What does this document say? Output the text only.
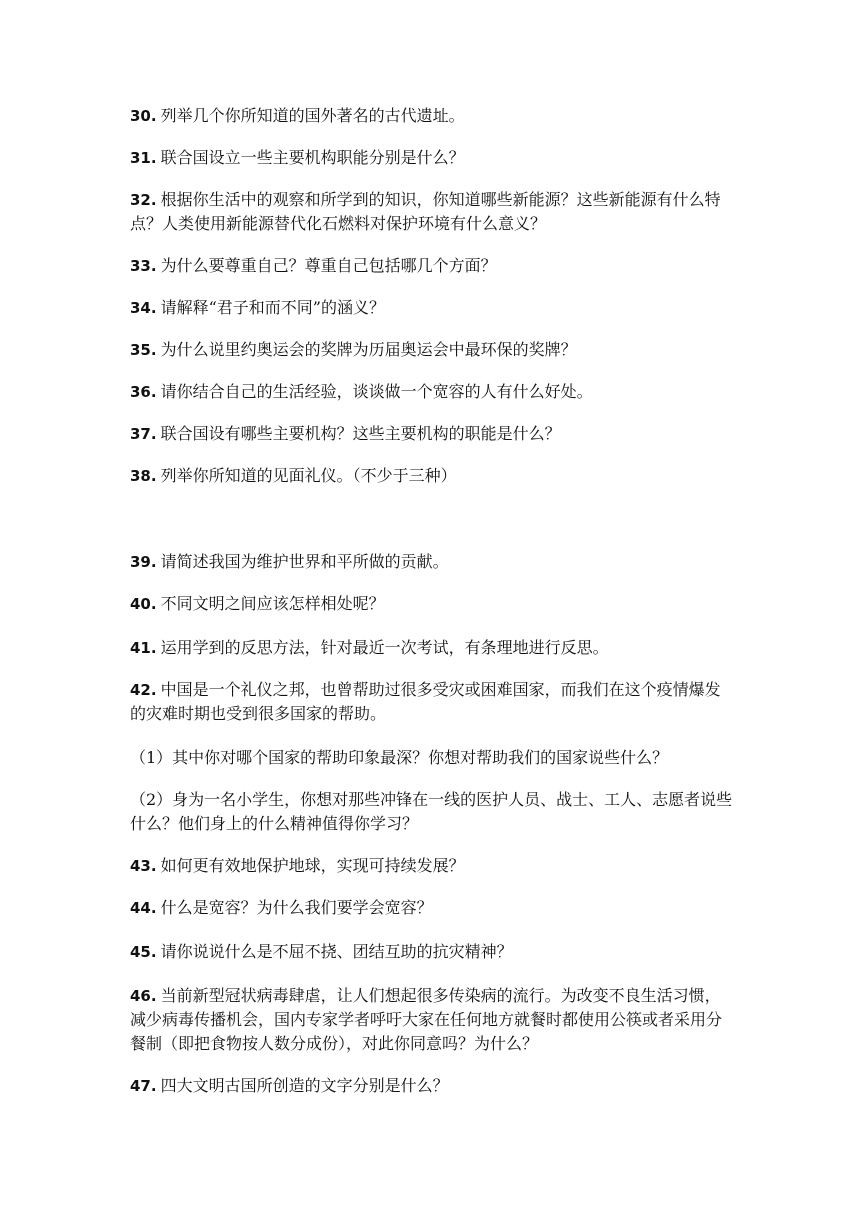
30. 列举几个你所知道的国外著名的古代遗址。

31. 联合国设立一些主要机构职能分别是什么？

32. 根据你生活中的观察和所学到的知识，你知道哪些新能源？这些新能源有什么特点？人类使用新能源替代化石燃料对保护环境有什么意义？

33. 为什么要尊重自己？尊重自己包括哪几个方面？

34. 请解释“君子和而不同”的涵义？

35. 为什么说里约奥运会的奖牌为历届奥运会中最环保的奖牌？

36. 请你结合自己的生活经验，谈谈做一个宽容的人有什么好处。

37. 联合国设有哪些主要机构？这些主要机构的职能是什么？

38. 列举你所知道的见面礼仪。（不少于三种）

39. 请简述我国为维护世界和平所做的贡献。

40. 不同文明之间应该怎样相处呢？

41. 运用学到的反思方法，针对最近一次考试，有条理地进行反思。

42. 中国是一个礼仪之邦，也曾帮助过很多受灾或困难国家，而我们在这个疫情爆发的灾难时期也受到很多国家的帮助。

（1）其中你对哪个国家的帮助印象最深？你想对帮助我们的国家说些什么？

（2）身为一名小学生，你想对那些冲锋在一线的医护人员、战士、工人、志愿者说些什么？他们身上的什么精神值得你学习？

43. 如何更有效地保护地球，实现可持续发展？

44. 什么是宽容？为什么我们要学会宽容？

45. 请你说说什么是不屈不挠、团结互助的抗灾精神？

46. 当前新型冠状病毒肆虐，让人们想起很多传染病的流行。为改变不良生活习惯，减少病毒传播机会，国内专家学者呼吁大家在任何地方就餐时都使用公筷或者采用分餐制（即把食物按人数分成份），对此你同意吗？为什么？

47. 四大文明古国所创造的文字分别是什么？
